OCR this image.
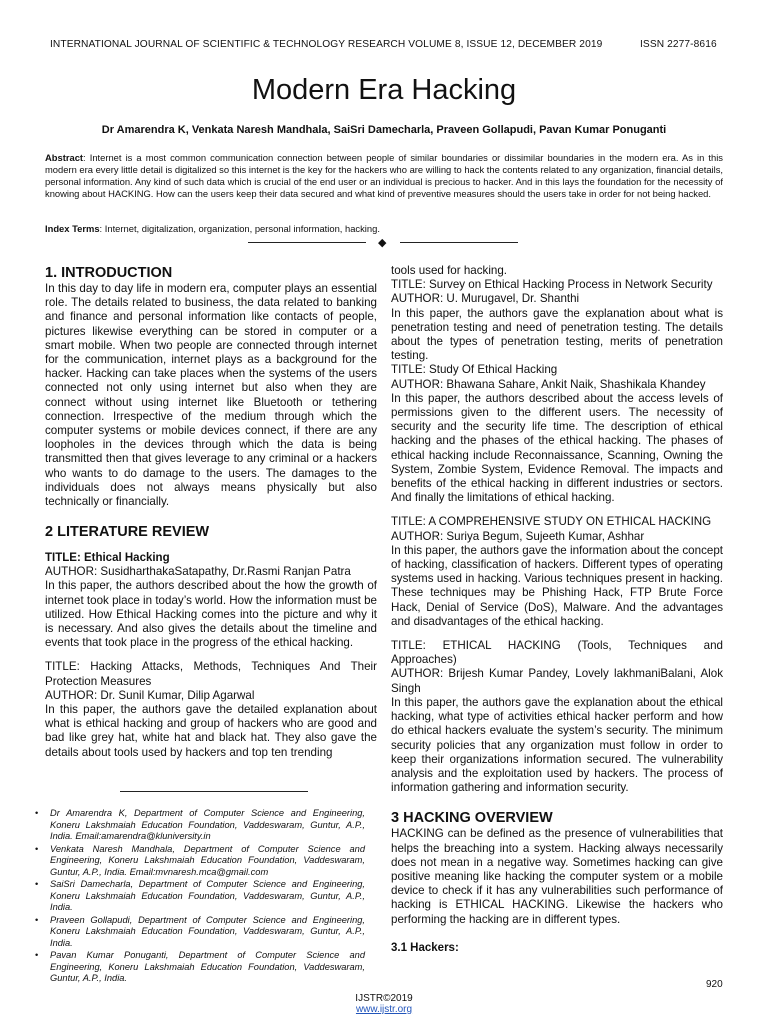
INTERNATIONAL JOURNAL OF SCIENTIFIC & TECHNOLOGY RESEARCH VOLUME 8, ISSUE 12, DECEMBER 2019	ISSN 2277-8616
Modern Era Hacking
Dr Amarendra K, Venkata Naresh Mandhala, SaiSri Damecharla, Praveen Gollapudi, Pavan Kumar Ponuganti
Abstract: Internet is a most common communication connection between people of similar boundaries or dissimilar boundaries in the modern era. As in this modern era every little detail is digitalized so this internet is the key for the hackers who are willing to hack the contents related to any organization, financial details, personal information. Any kind of such data which is crucial of the end user or an individual is precious to hacker. And in this lays the foundation for the necessity of knowing about HACKING. How can the users keep their data secured and what kind of preventive measures should the users take in order for not being hacked.
Index Terms: Internet, digitalization, organization, personal information, hacking.
◆
1. INTRODUCTION

In this day to day life in modern era, computer plays an essential role. The details related to business, the data related to banking and finance and personal information like contacts of people, pictures likewise everything can be stored in computer or a smart mobile. When two people are connected through internet for the communication, internet plays as a background for the hacker. Hacking can take places when the systems of the users connected not only using internet but also when they are connect without using internet like Bluetooth or tethering connection. Irrespective of the medium through which the computer systems or mobile devices connect, if there are any loopholes in the devices through which the data is being transmitted then that gives leverage to any criminal or a hackers who wants to do damage to the users. The damages to the individuals does not always means physically but also technically or financially.

2 LITERATURE REVIEW
TITLE: Ethical Hacking

AUTHOR: SusidharthakaSatapathy, Dr.Rasmi Ranjan Patra

In this paper, the authors described about the how the growth of internet took place in today’s world. How the information must be utilized. How Ethical Hacking comes into the picture and why it is necessary. And also gives the details about the timeline and events that took place in the progress of the ethical hacking.

TITLE: Hacking Attacks, Methods, Techniques And Their Protection Measures

AUTHOR: Dr. Sunil Kumar, Dilip Agarwal

In this paper, the authors gave the detailed explanation about what is ethical hacking and group of hackers who are good and bad like grey hat, white hat and black hat. They also gave the details about tools used by hackers and top ten trending

• Dr Amarendra K, Department of Computer Science and Engineering, Koneru Lakshmaiah Education Foundation, Vaddeswaram, Guntur, A.P., India. Email:amarendra@kluniversity.in
• Venkata Naresh Mandhala, Department of Computer Science and Engineering, Koneru Lakshmaiah Education Foundation, Vaddeswaram, Guntur, A.P., India. Email:mvnaresh.mca@gmail.com
• SaiSri Damecharla, Department of Computer Science and Engineering, Koneru Lakshmaiah Education Foundation, Vaddeswaram, Guntur, A.P., India.
• Praveen Gollapudi, Department of Computer Science and Engineering, Koneru Lakshmaiah Education Foundation, Vaddeswaram, Guntur, A.P., India.
• Pavan Kumar Ponuganti, Department of Computer Science and Engineering, Koneru Lakshmaiah Education Foundation, Vaddeswaram, Guntur, A.P., India.

tools used for hacking.

TITLE: Survey on Ethical Hacking Process in Network Security

AUTHOR: U. Murugavel, Dr. Shanthi

In this paper, the authors gave the explanation about what is penetration testing and need of penetration testing. The details about the types of penetration testing, merits of penetration testing.

TITLE: Study Of Ethical Hacking

AUTHOR: Bhawana Sahare, Ankit Naik, Shashikala Khandey

In this paper, the authors described about the access levels of permissions given to the different users. The necessity of security and the security life time. The description of ethical hacking and the phases of the ethical hacking. The phases of ethical hacking include Reconnaissance, Scanning, Owning the System, Zombie System, Evidence Removal. The impacts and benefits of the ethical hacking in different industries or sectors. And finally the limitations of ethical hacking.

TITLE: A COMPREHENSIVE STUDY ON ETHICAL HACKING

AUTHOR: Suriya Begum, Sujeeth Kumar, Ashhar

In this paper, the authors gave the information about the concept of hacking, classification of hackers. Different types of operating systems used in hacking. Various techniques present in hacking. These techniques may be Phishing Hack, FTP Brute Force Hack, Denial of Service (DoS), Malware. And the advantages and disadvantages of the ethical hacking.

TITLE: ETHICAL HACKING (Tools, Techniques and Approaches)

AUTHOR: Brijesh Kumar Pandey, Lovely lakhmaniBalani, Alok Singh

In this paper, the authors gave the explanation about the ethical hacking, what type of activities ethical hacker perform and how do ethical hackers evaluate the system’s security. The minimum security policies that any organization must follow in order to keep their organizations information secured. The vulnerability analysis and the exploitation used by hackers. The process of information gathering and information security.

3 HACKING OVERVIEW

HACKING can be defined as the presence of vulnerabilities that helps the breaching into a system. Hacking always necessarily does not mean in a negative way. Sometimes hacking can give positive meaning like hacking the computer system or a mobile device to check if it has any vulnerabilities such performance of hacking is ETHICAL HACKING. Likewise the hackers who performing the hacking are in different types.

3.1 Hackers:
920
IJSTR©2019
www.ijstr.org
